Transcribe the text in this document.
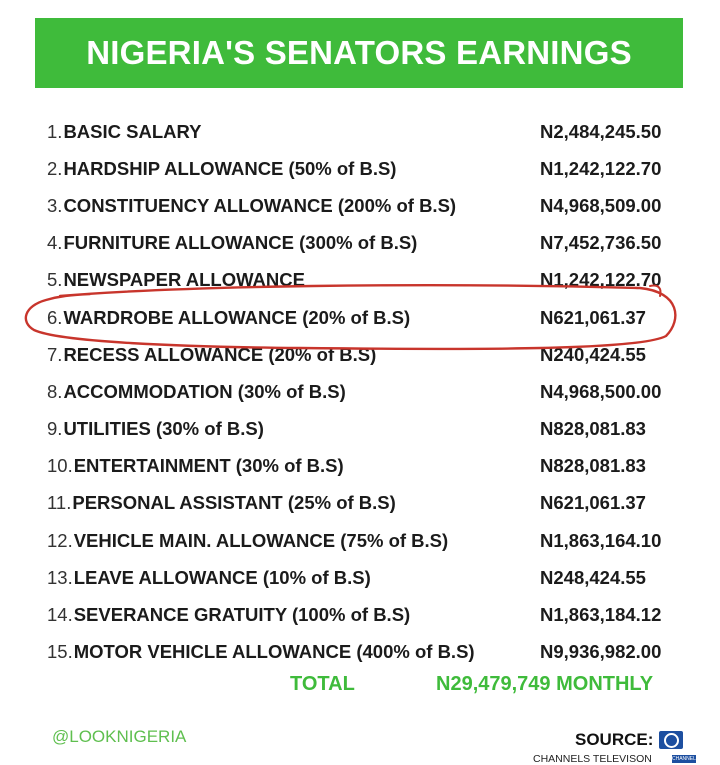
NIGERIA'S SENATORS EARNINGS
1.BASIC SALARY	N2,484,245.50
2.HARDSHIP ALLOWANCE (50% of B.S)	N1,242,122.70
3.CONSTITUENCY ALLOWANCE (200% of B.S)	N4,968,509.00
4.FURNITURE ALLOWANCE (300% of B.S)	N7,452,736.50
5.NEWSPAPER ALLOWANCE	N1,242,122.70
6.WARDROBE ALLOWANCE (20% of B.S)	N621,061.37
7.RECESS ALLOWANCE (20% of B.S)	N240,424.55
8.ACCOMMODATION (30% of B.S)	N4,968,500.00
9.UTILITIES (30% of B.S)	N828,081.83
10.ENTERTAINMENT (30% of B.S)	N828,081.83
11.PERSONAL ASSISTANT (25% of B.S)	N621,061.37
12.VEHICLE MAIN. ALLOWANCE (75% of B.S)	N1,863,164.10
13.LEAVE ALLOWANCE (10% of B.S)	N248,424.55
14.SEVERANCE GRATUITY (100% of B.S)	N1,863,184.12
15.MOTOR VEHICLE ALLOWANCE (400% of B.S)	N9,936,982.00
TOTAL	N29,479,749 MONTHLY
@LOOKNIGERIA	SOURCE:
CHANNELS TELEVISON	CHANNELS
